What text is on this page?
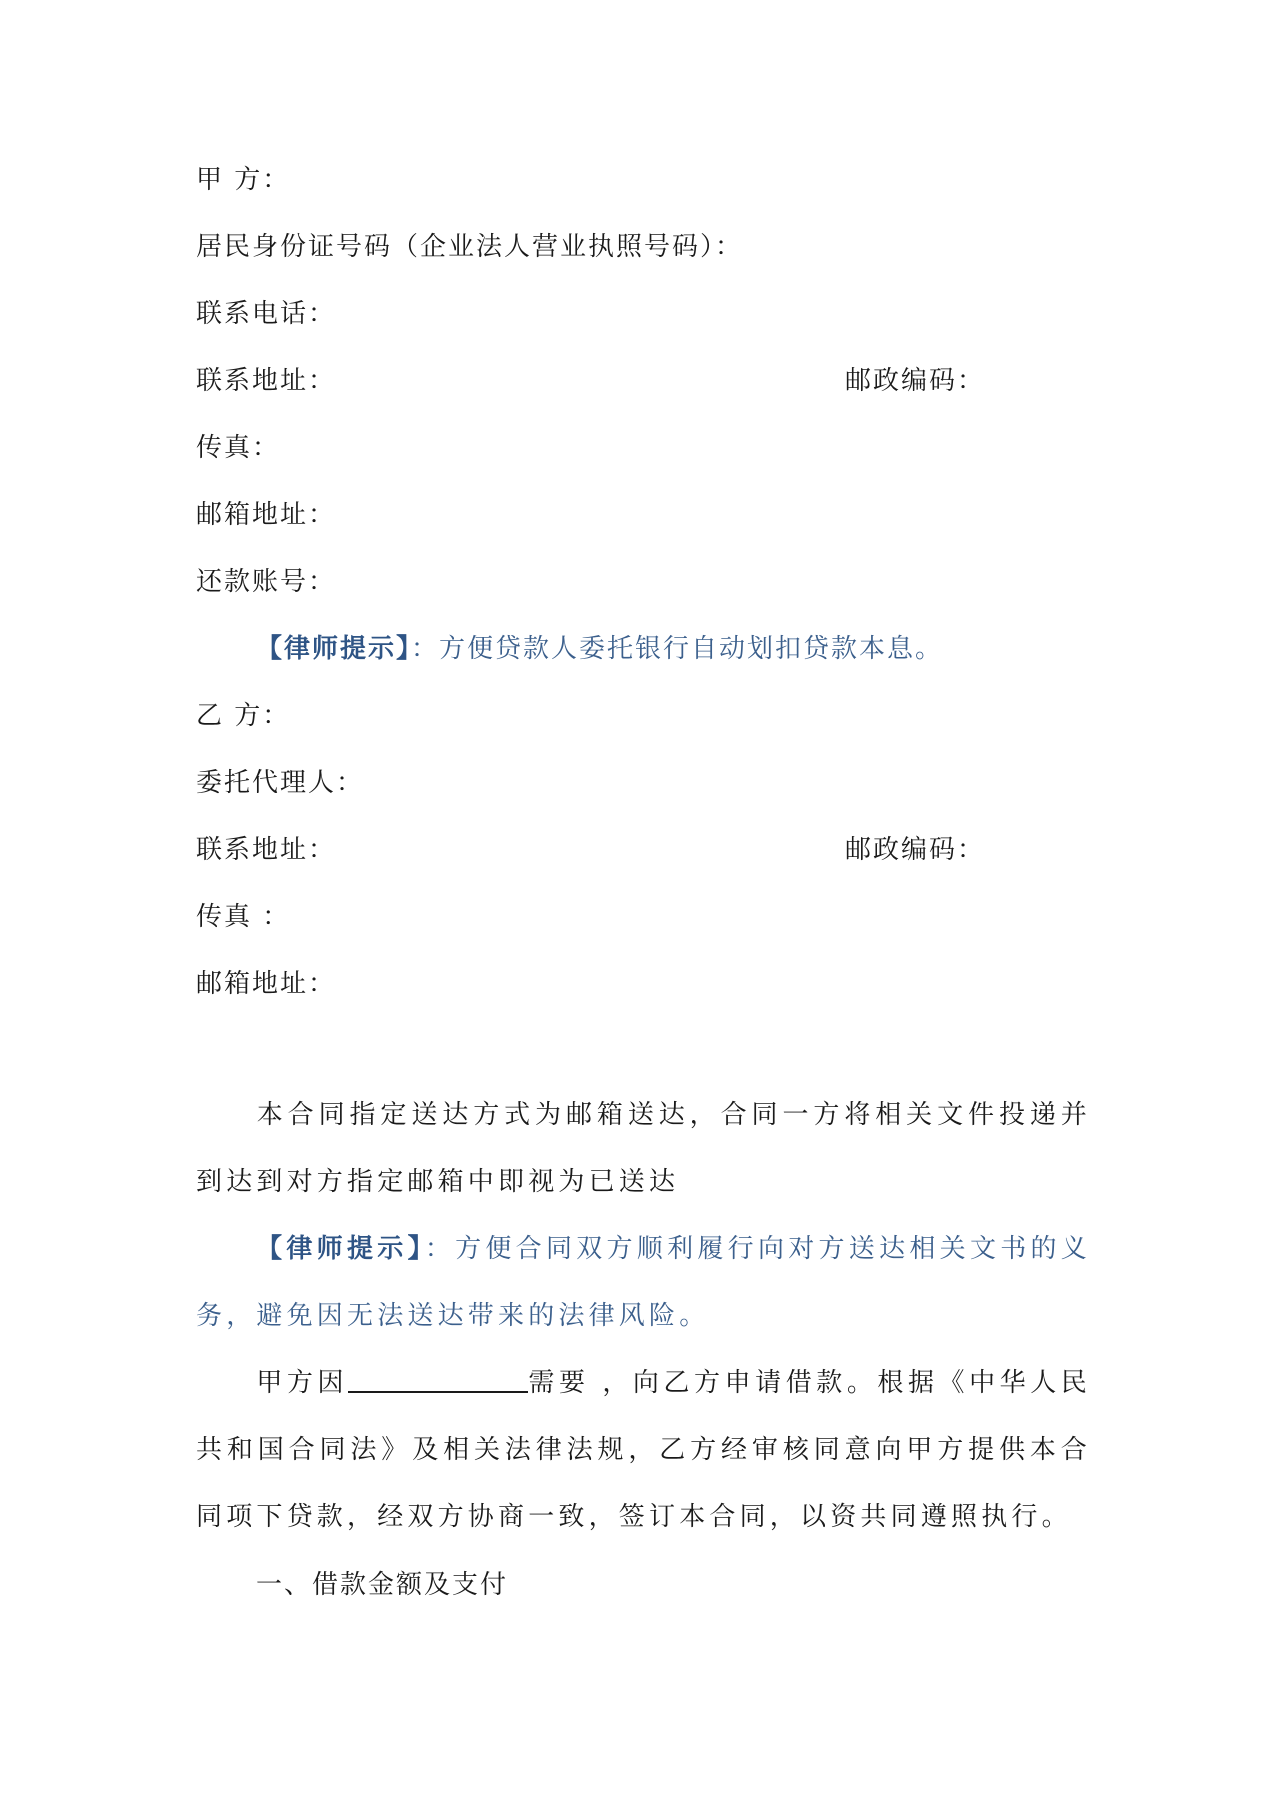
甲 方：
居民身份证号码（企业法人营业执照号码）：
联系电话：
联系地址：	邮政编码：
传真：
邮箱地址：
还款账号：
【律师提示】：方便贷款人委托银行自动划扣贷款本息。
乙 方：
委托代理人：
联系地址：	邮政编码：
传真 ：
邮箱地址：
本合同指定送达方式为邮箱送达，合同一方将相关文件投递并到达到对方指定邮箱中即视为已送达
【律师提示】：方便合同双方顺利履行向对方送达相关文书的义务，避免因无法送达带来的法律风险。
甲方因	需要 ，向乙方申请借款。根据《中华人民共和国合同法》及相关法律法规，乙方经审核同意向甲方提供本合同项下贷款，经双方协商一致，签订本合同，以资共同遵照执行。
一、借款金额及支付
